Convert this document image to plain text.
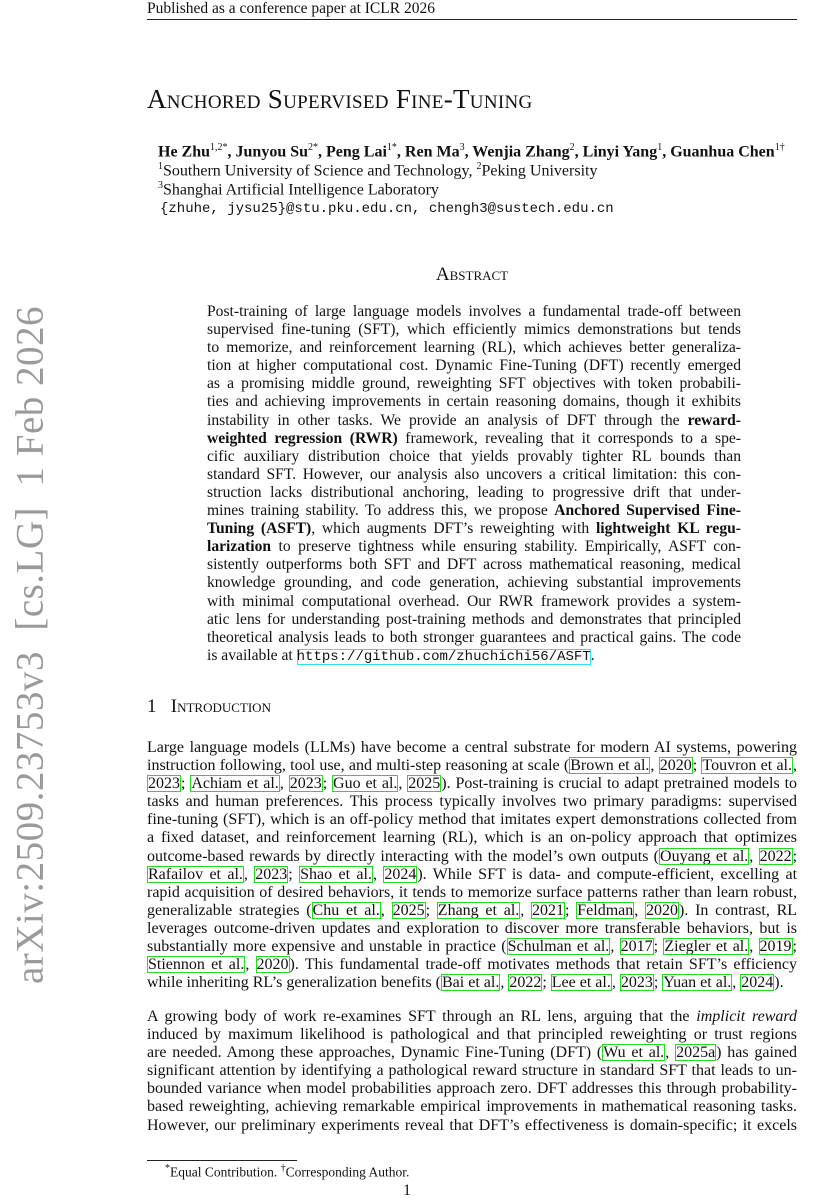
Published as a conference paper at ICLR 2026
arXiv:2509.23753v3  [cs.LG]  1 Feb 2026
Anchored Supervised Fine-Tuning
He Zhu$^{1,2*}$, Junyou $Su^{2*}$, Peng Lai$^{1*}$, Ren Ma$^3$, Wenjia Zhang$^2$, Linyi Yang$^1$, Guanhua Chen$^{1\dagger}$
$^1$Southern University of Science and Technology, $^2$Peking University
$^3$Shanghai Artificial Intelligence Laboratory
{zhuhe, jysu25}@stu.pku.edu.cn, chengh3@sustech.edu.cn
Abstract
Post-training of large language models involves a fundamental trade-off between
supervised fine-tuning (SFT), which efficiently mimics demonstrations but tends
to memorize, and reinforcement learning (RL), which achieves better generaliza-
tion at higher computational cost. Dynamic Fine-Tuning (DFT) recently emerged
as a promising middle ground, reweighting SFT objectives with token probabili-
ties and achieving improvements in certain reasoning domains, though it exhibits
instability in other tasks. We provide an analysis of DFT through the reward-
weighted regression (RWR) framework, revealing that it corresponds to a spe-
cific auxiliary distribution choice that yields provably tighter RL bounds than
standard SFT. However, our analysis also uncovers a critical limitation: this con-
struction lacks distributional anchoring, leading to progressive drift that under-
mines training stability. To address this, we propose Anchored Supervised Fine-
Tuning (ASFT), which augments DFT’s reweighting with lightweight KL regu-
larization to preserve tightness while ensuring stability. Empirically, ASFT con-
sistently outperforms both SFT and DFT across mathematical reasoning, medical
knowledge grounding, and code generation, achieving substantial improvements
with minimal computational overhead. Our RWR framework provides a system-
atic lens for understanding post-training methods and demonstrates that principled
theoretical analysis leads to both stronger guarantees and practical gains. The code
is available at https://github.com/zhuchichi56/ASFT.
1 Introduction
Large language models (LLMs) have become a central substrate for modern AI systems, powering
instruction following, tool use, and multi-step reasoning at scale (Brown et al., 2020; Touvron et al.,
2023; Achiam et al., 2023; Guo et al., 2025). Post-training is crucial to adapt pretrained models to
tasks and human preferences. This process typically involves two primary paradigms: supervised
fine-tuning (SFT), which is an off-policy method that imitates expert demonstrations collected from
a fixed dataset, and reinforcement learning (RL), which is an on-policy approach that optimizes
outcome-based rewards by directly interacting with the model’s own outputs (Ouyang et al., 2022;
Rafailov et al., 2023; Shao et al., 2024). While SFT is data- and compute-efficient, excelling at
rapid acquisition of desired behaviors, it tends to memorize surface patterns rather than learn robust,
generalizable strategies (Chu et al., 2025; Zhang et al., 2021; Feldman, 2020). In contrast, RL
leverages outcome-driven updates and exploration to discover more transferable behaviors, but is
substantially more expensive and unstable in practice (Schulman et al., 2017; Ziegler et al., 2019;
Stiennon et al., 2020). This fundamental trade-off motivates methods that retain SFT’s efficiency
while inheriting RL’s generalization benefits (Bai et al., 2022; Lee et al., 2023; Yuan et al., 2024).
A growing body of work re-examines SFT through an RL lens, arguing that the implicit reward
induced by maximum likelihood is pathological and that principled reweighting or trust regions
are needed. Among these approaches, Dynamic Fine-Tuning (DFT) (Wu et al., 2025a) has gained
significant attention by identifying a pathological reward structure in standard SFT that leads to un-
bounded variance when model probabilities approach zero. DFT addresses this through probability-
based reweighting, achieving remarkable empirical improvements in mathematical reasoning tasks.
However, our preliminary experiments reveal that DFT’s effectiveness is domain-specific; it excels
*Equal Contribution. †Corresponding Author.
1
